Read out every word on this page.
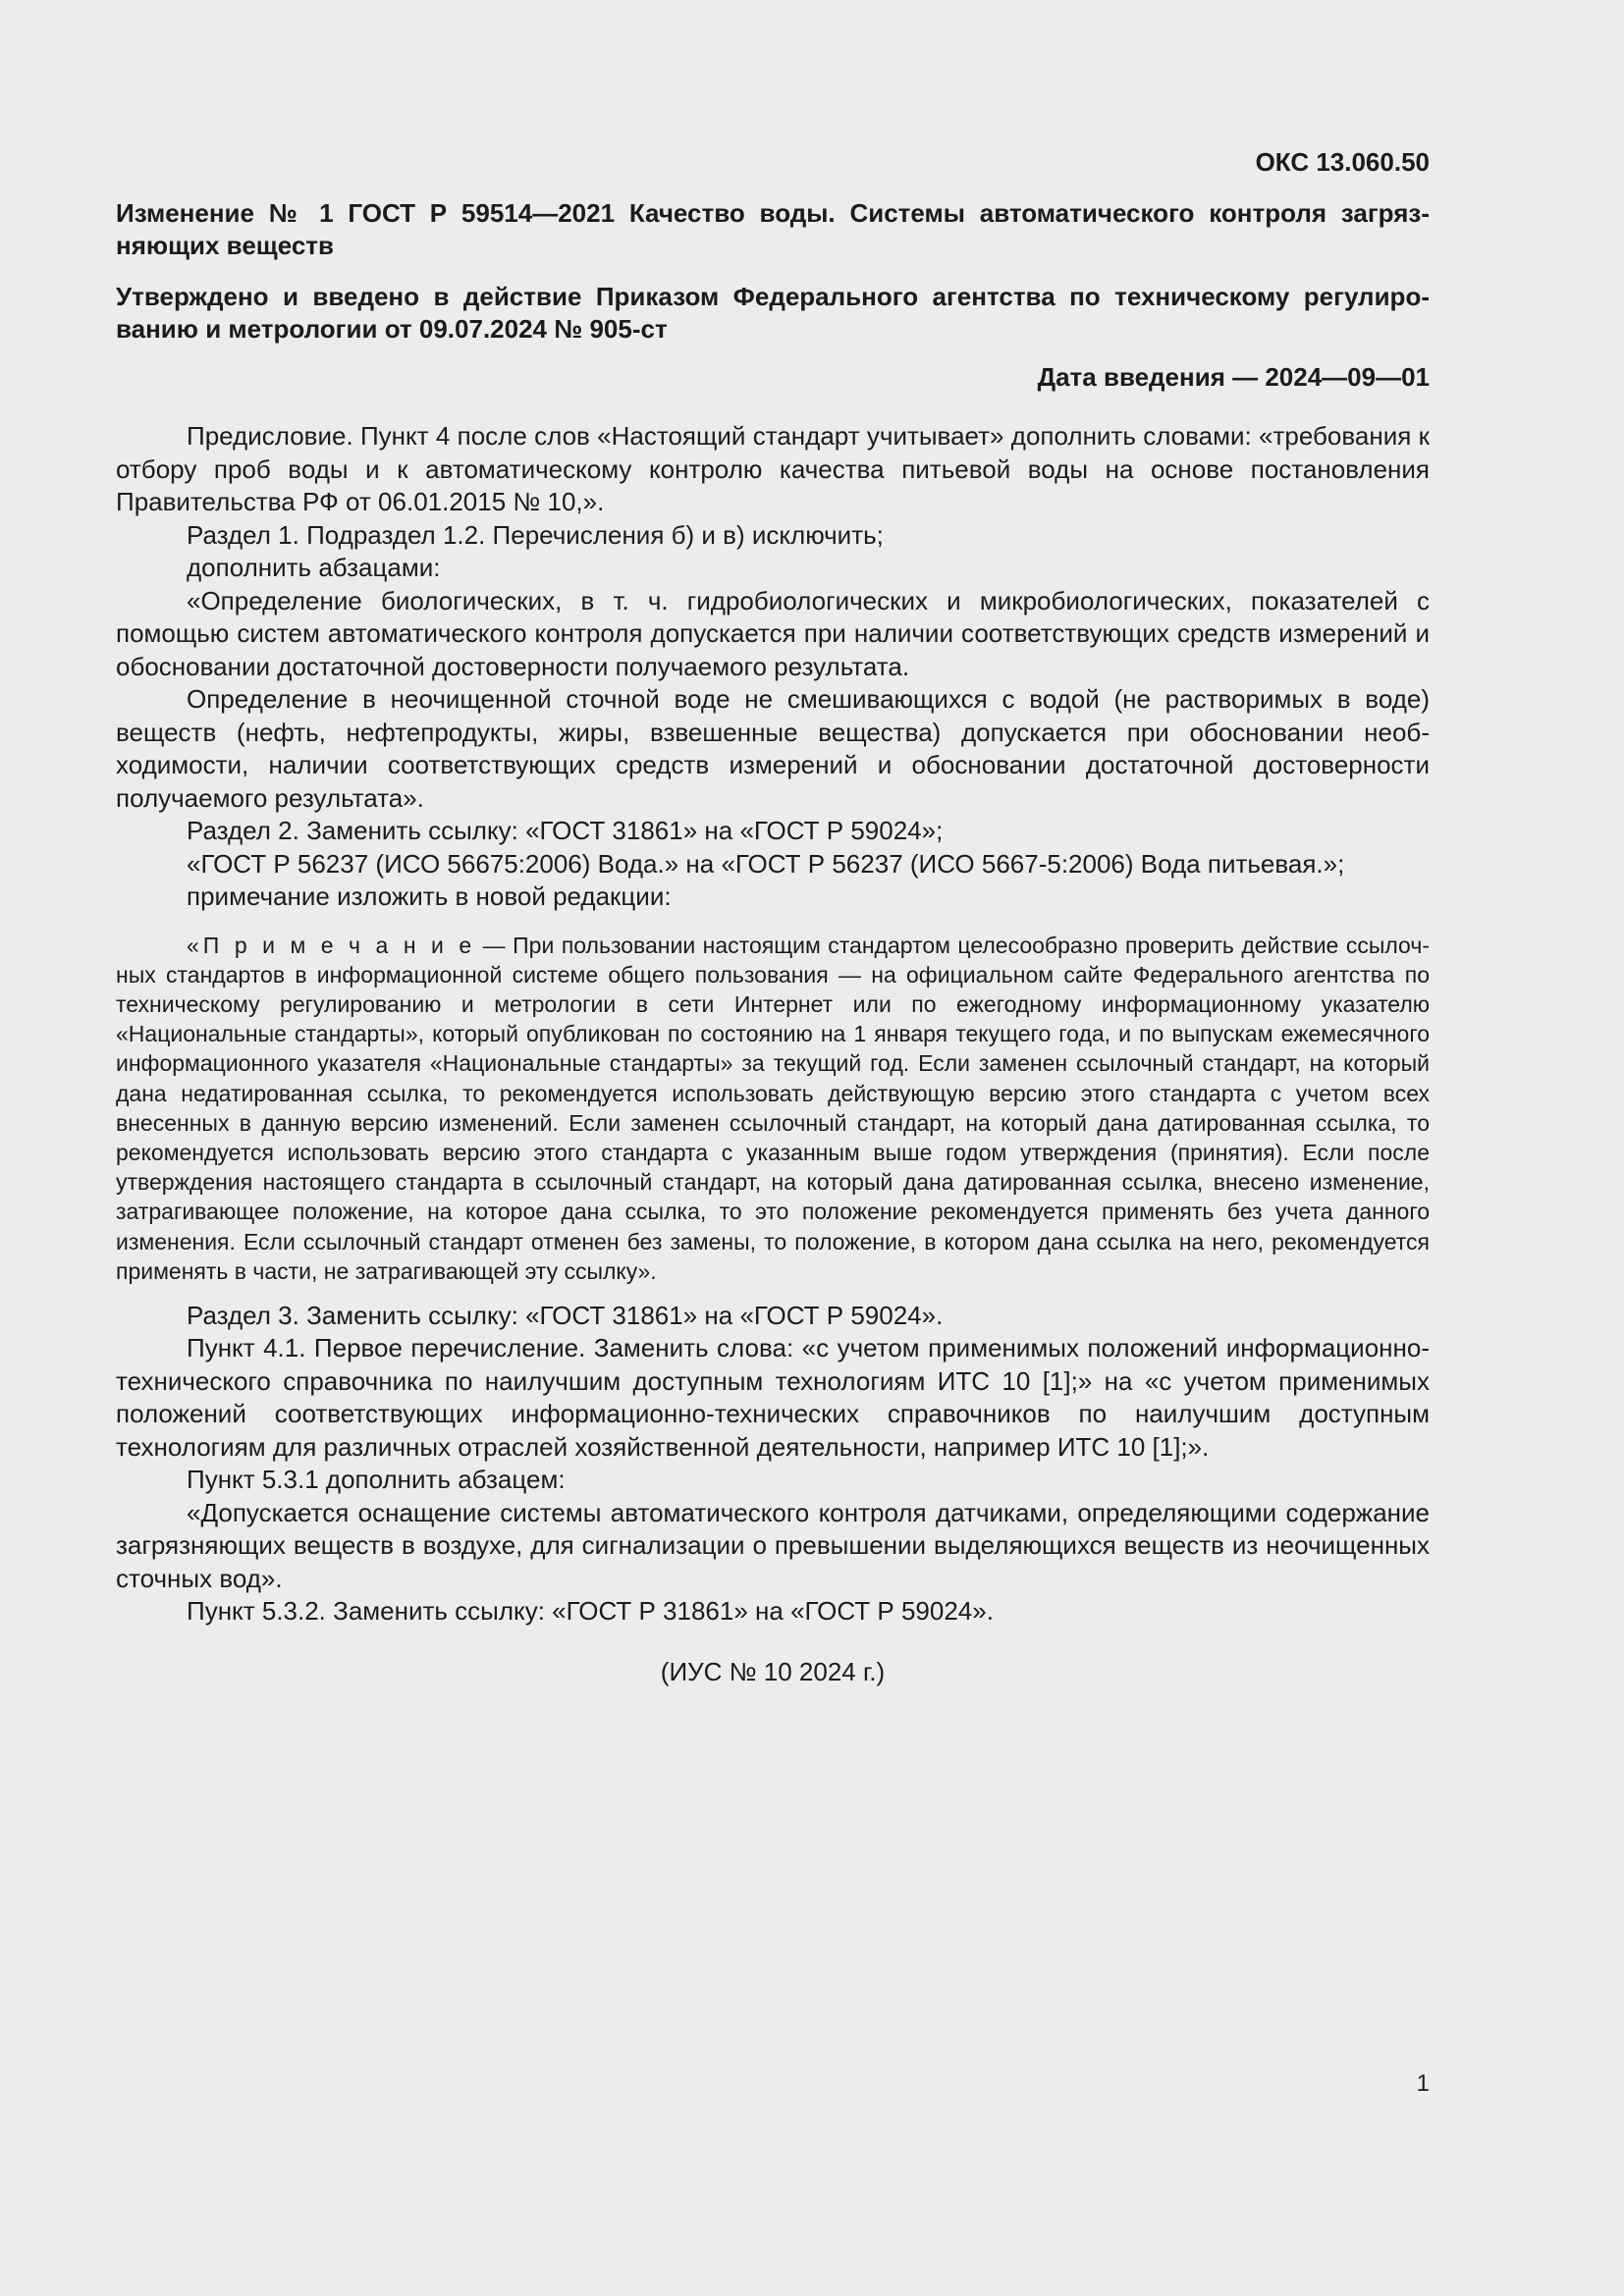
ОКС 13.060.50
Изменение № 1 ГОСТ Р 59514—2021 Качество воды. Системы автоматического контроля загрязняющих веществ
Утверждено и введено в действие Приказом Федерального агентства по техническому регулированию и метрологии от 09.07.2024 № 905-ст
Дата введения — 2024—09—01

Предисловие. Пункт 4 после слов «Настоящий стандарт учитывает» дополнить словами: «требования к отбору проб воды и к автоматическому контролю качества питьевой воды на основе постановления Правительства РФ от 06.01.2015 № 10,».

Раздел 1. Подраздел 1.2. Перечисления б) и в) исключить;

дополнить абзацами:

«Определение биологических, в т. ч. гидробиологических и микробиологических, показателей с помощью систем автоматического контроля допускается при наличии соответствующих средств измерений и обосновании достаточной достоверности получаемого результата.

Определение в неочищенной сточной воде не смешивающихся с водой (не растворимых в воде) веществ (нефть, нефтепродукты, жиры, взвешенные вещества) допускается при обосновании необходимости, наличии соответствующих средств измерений и обосновании достаточной достоверности получаемого результата».

Раздел 2. Заменить ссылку: «ГОСТ 31861» на «ГОСТ Р 59024»;

«ГОСТ Р 56237 (ИСО 56675:2006) Вода.» на «ГОСТ Р 56237 (ИСО 5667-5:2006) Вода питьевая.»;

примечание изложить в новой редакции:

«П р и м е ч а н и е — При пользовании настоящим стандартом целесообразно проверить действие ссылочных стандартов в информационной системе общего пользования — на официальном сайте Федерального агентства по техническому регулированию и метрологии в сети Интернет или по ежегодному информационному указателю «Национальные стандарты», который опубликован по состоянию на 1 января текущего года, и по выпускам ежемесячного информационного указателя «Национальные стандарты» за текущий год. Если заменен ссылочный стандарт, на который дана недатированная ссылка, то рекомендуется использовать действующую версию этого стандарта с учетом всех внесенных в данную версию изменений. Если заменен ссылочный стандарт, на который дана датированная ссылка, то рекомендуется использовать версию этого стандарта с указанным выше годом утверждения (принятия). Если после утверждения настоящего стандарта в ссылочный стандарт, на который дана датированная ссылка, внесено изменение, затрагивающее положение, на которое дана ссылка, то это положение рекомендуется применять без учета данного изменения. Если ссылочный стандарт отменен без замены, то положение, в котором дана ссылка на него, рекомендуется применять в части, не затрагивающей эту ссылку».

Раздел 3. Заменить ссылку: «ГОСТ 31861» на «ГОСТ Р 59024».

Пункт 4.1. Первое перечисление. Заменить слова: «с учетом применимых положений информационно-технического справочника по наилучшим доступным технологиям ИТС 10 [1];» на «с учетом применимых положений соответствующих информационно-технических справочников по наилучшим доступным технологиям для различных отраслей хозяйственной деятельности, например ИТС 10 [1];».

Пункт 5.3.1 дополнить абзацем:

«Допускается оснащение системы автоматического контроля датчиками, определяющими содержание загрязняющих веществ в воздухе, для сигнализации о превышении выделяющихся веществ из неочищенных сточных вод».

Пункт 5.3.2. Заменить ссылку: «ГОСТ Р 31861» на «ГОСТ Р 59024».

(ИУС № 10 2024 г.)
1
